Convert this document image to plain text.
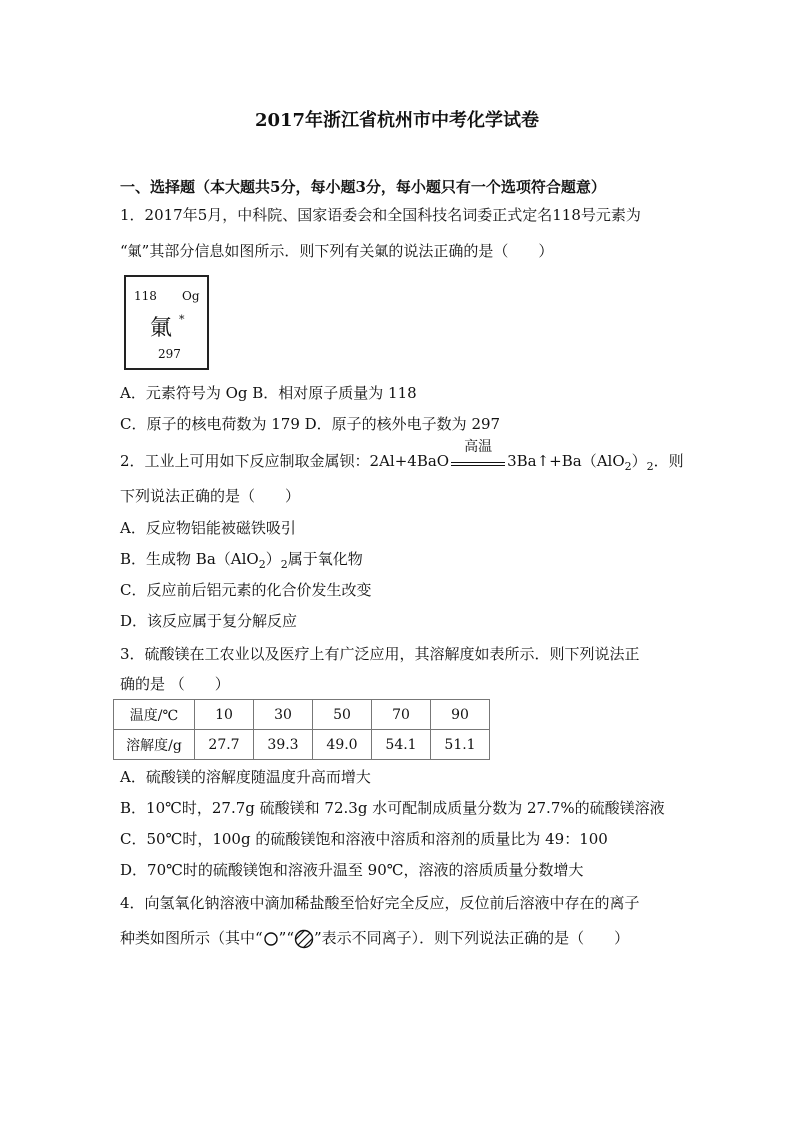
2017年浙江省杭州市中考化学试卷
一、选择题（本大题共5分，每小题3分，每小题只有一个选项符合题意）
1．2017年5月，中科院、国家语委会和全国科技名词委正式定名118号元素为
“氭”其部分信息如图所示．则下列有关氭的说法正确的是（　　）
118 Og
氭 *
297
A．元素符号为 Og B．相对原子质量为 118
C．原子的核电荷数为 179 D．原子的核外电子数为 297
2．工业上可用如下反应制取金属钡：2Al+4BaO
高温
$3Ba↑+Ba(AlO_2)_2$．则
下列说法正确的是（　　）
A．反应物铝能被磁铁吸引
B．生成物 $Ba(AlO_2)_2$属于氧化物
C．反应前后铝元素的化合价发生改变
D．该反应属于复分解反应
3．硫酸镁在工农业以及医疗上有广泛应用，其溶解度如表所示．则下列说法正
确的是 （　　）
温度/℃	10	30	50	70	90
溶解度/g	27.7	39.3	49.0	54.1	51.1
A．硫酸镁的溶解度随温度升高而增大
B．10℃时，27.7g 硫酸镁和 72.3g 水可配制成质量分数为 27.7%的硫酸镁溶液
C．50℃时，100g 的硫酸镁饱和溶液中溶质和溶剂的质量比为 49：100
D．70℃时的硫酸镁饱和溶液升温至 90℃，溶液的溶质质量分数增大
4．向氢氧化钠溶液中滴加稀盐酸至恰好完全反应，反位前后溶液中存在的离子
种类如图所示（其中“ ”“ ”表示不同离子）．则下列说法正确的是（　　）
